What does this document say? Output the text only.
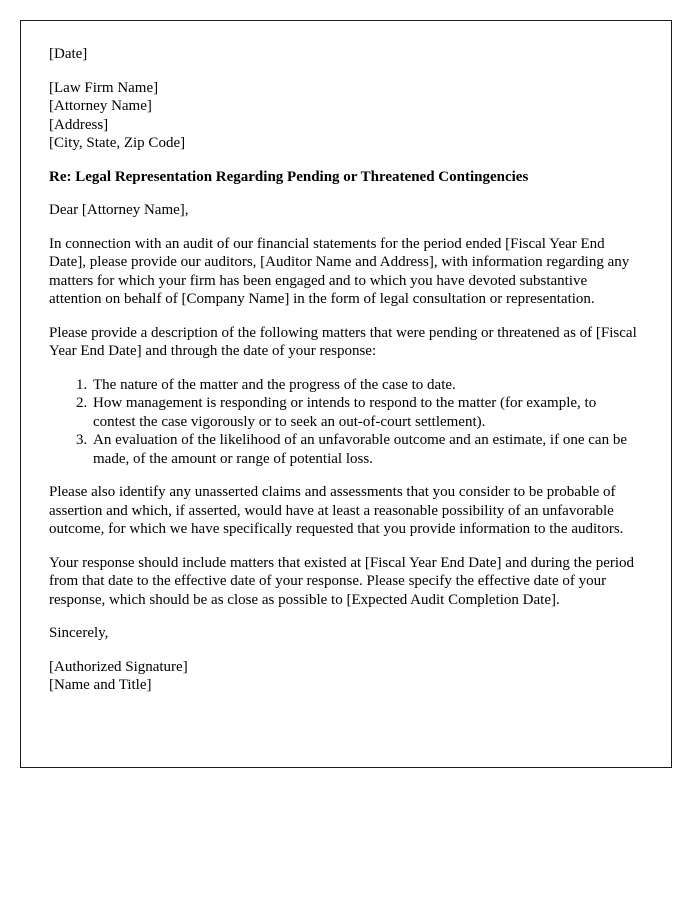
[Date]

[Law Firm Name]

[Attorney Name]

[Address]

[City, State, Zip Code]

Re: Legal Representation Regarding Pending or Threatened Contingencies

Dear [Attorney Name],

In connection with an audit of our financial statements for the period ended [Fiscal Year End Date], please provide our auditors, [Auditor Name and Address], with information regarding any matters for which your firm has been engaged and to which you have devoted substantive attention on behalf of [Company Name] in the form of legal consultation or representation.

Please provide a description of the following matters that were pending or threatened as of [Fiscal Year End Date] and through the date of your response:

1. The nature of the matter and the progress of the case to date.
2. How management is responding or intends to respond to the matter (for example, to contest the case vigorously or to seek an out-of-court settlement).
3. An evaluation of the likelihood of an unfavorable outcome and an estimate, if one can be made, of the amount or range of potential loss.

Please also identify any unasserted claims and assessments that you consider to be probable of assertion and which, if asserted, would have at least a reasonable possibility of an unfavorable outcome, for which we have specifically requested that you provide information to the auditors.

Your response should include matters that existed at [Fiscal Year End Date] and during the period from that date to the effective date of your response. Please specify the effective date of your response, which should be as close as possible to [Expected Audit Completion Date].

Sincerely,

[Authorized Signature]

[Name and Title]
